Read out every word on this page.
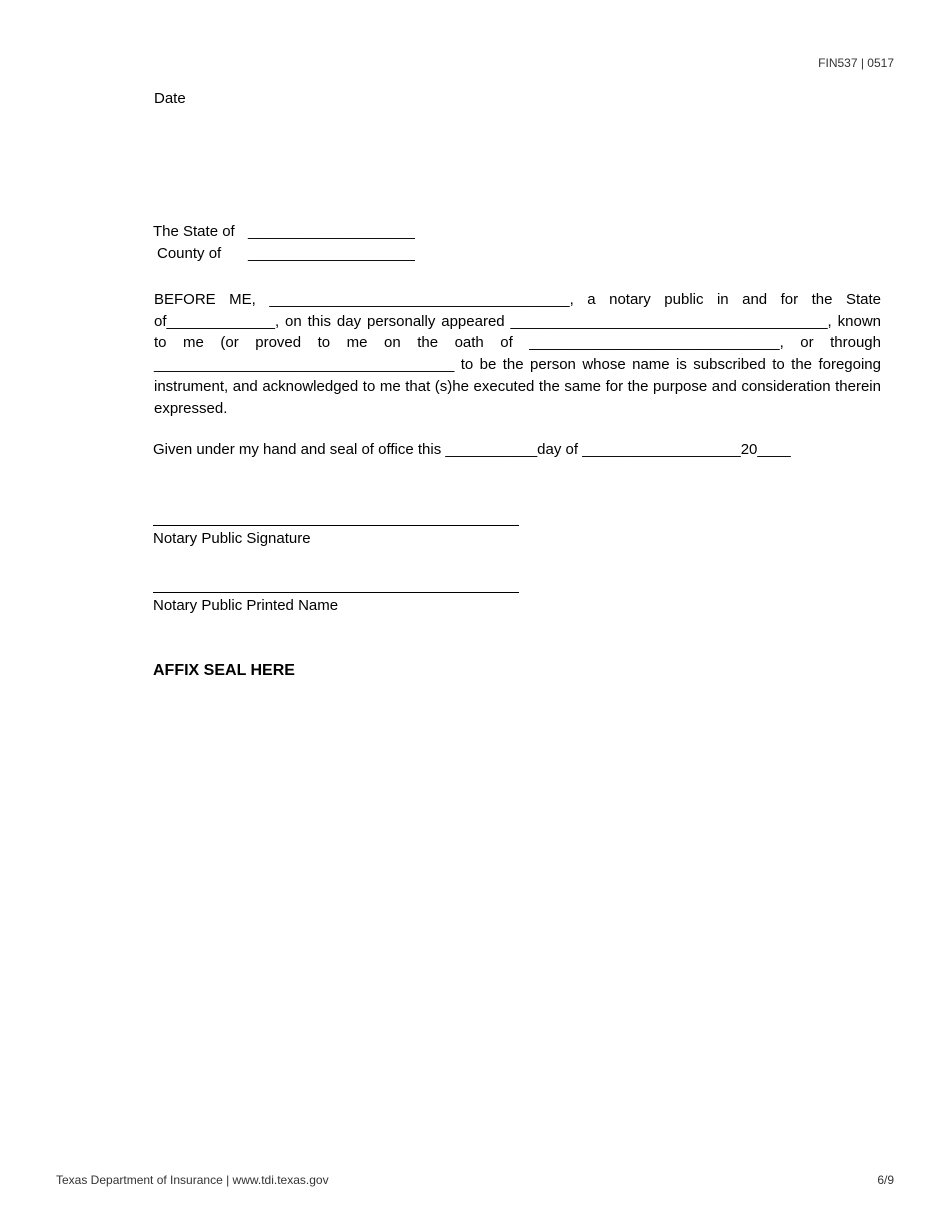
FIN537 | 0517
Date
The State of ____________________
County of ____________________
BEFORE ME, ____________________________________, a notary public in and for the State of_____________, on this day personally appeared ______________________________________, known to me (or proved to me on the oath of ______________________________, or through ____________________________________ to be the person whose name is subscribed to the foregoing instrument, and acknowledged to me that (s)he executed the same for the purpose and consideration therein expressed.
Given under my hand and seal of office this ___________day of ___________________20____
Notary Public Signature
Notary Public Printed Name
AFFIX SEAL HERE
Texas Department of Insurance | www.tdi.texas.gov	6/9
